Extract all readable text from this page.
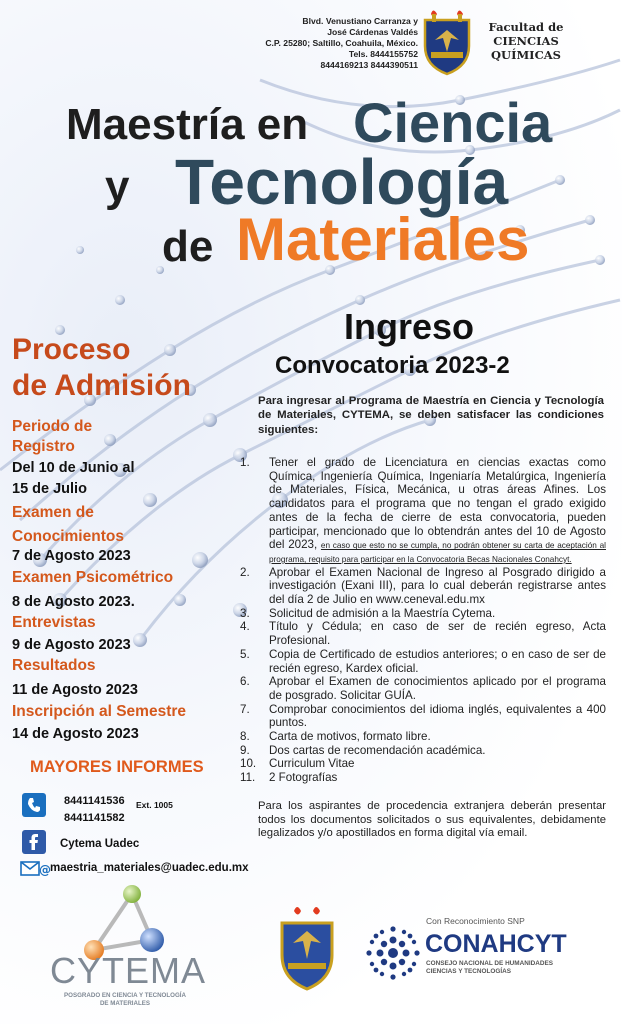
Blvd. Venustiano Carranza y
José Cárdenas Valdés
C.P. 25280; Saltillo, Coahuila, México.
Tels. 8444155752
8444169213 8444390511
Facultad de
CIENCIAS
QUÍMICAS
Maestría en Ciencia
y Tecnología
de Materiales
Ingreso
Convocatoria 2023-2
Proceso
de Admisión
Periodo de
Registro
Del 10 de Junio al
15 de Julio
Examen de
Conocimientos
7 de Agosto 2023
Examen Psicométrico
8 de Agosto 2023.
Entrevistas
9 de Agosto 2023
Resultados
11 de Agosto 2023
Inscripción al Semestre
14 de Agosto 2023
MAYORES INFORMES
8441141536 Ext. 1005
8441141582
Cytema Uadec
@ maestria_materiales@uadec.edu.mx
Para ingresar al Programa de Maestría en Ciencia y Tecnología de Materiales, CYTEMA, se deben satisfacer las condiciones siguientes:
1.	Tener el grado de Licenciatura en ciencias exactas como Química, Ingeniería Química, Ingeniaría Metalúrgica, Ingeniería de Materiales, Física, Mecánica, u otras áreas Afines. Los candidatos para el programa que no tengan el grado exigido antes de la fecha de cierre de esta convocatoria, pueden participar, mencionado que lo obtendrán antes del 10 de Agosto del 2023, en caso que esto no se cumpla, no podrán obtener su carta de aceptación al programa, requisito para participar en la Convocatoria Becas Nacionales Conahcyt.
2.	Aprobar el Examen Nacional de Ingreso al Posgrado dirigido a investigación (Exani III), para lo cual deberán registrarse antes del día 2 de Julio en www.ceneval.edu.mx
3.	Solicitud de admisión a la Maestría Cytema.
4.	Título y Cédula; en caso de ser de recién egreso, Acta Profesional.
5.	Copia de Certificado de estudios anteriores; o en caso de ser de recién egreso, Kardex oficial.
6.	Aprobar el Examen de conocimientos aplicado por el programa de posgrado. Solicitar GUÍA.
7.	Comprobar conocimientos del idioma inglés, equivalentes a 400 puntos.
8.	Carta de motivos, formato libre.
9.	Dos cartas de recomendación académica.
10.	Curriculum Vitae
11.	2 Fotografías
Para los aspirantes de procedencia extranjera deberán presentar todos los documentos solicitados o sus equivalentes, debidamente legalizados y/o apostillados en forma digital vía email.
CYTEMA
POSGRADO EN CIENCIA Y TECNOLOGÍA
DE MATERIALES
Con Reconocimiento SNP
CONAHCYT
CONSEJO NACIONAL DE HUMANIDADES
CIENCIAS Y TECNOLOGÍAS
